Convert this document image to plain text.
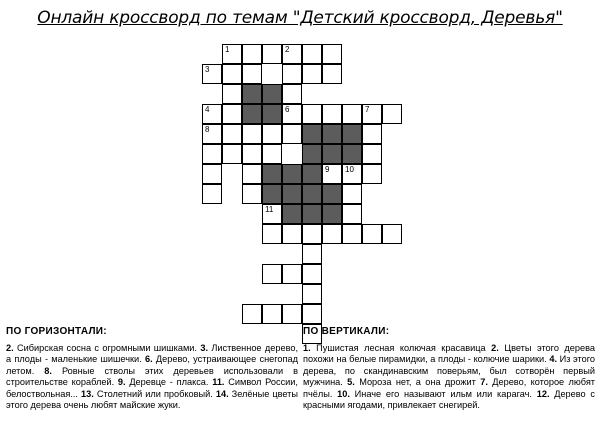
Онлайн кроссворд по темам "Детский кроссворд, Деревья"
1	2
3
4	6	7
8
9 10
11
ПО ГОРИЗОНТАЛИ:

2. Сибирская сосна с огромными шишками. 3. Лиственное дерево, а плоды - маленькие шишечки. 6. Дерево, устраивающее снегопад летом. 8. Ровные стволы этих деревьев использовали в строительстве кораблей. 9. Деревце - плакса. 11. Символ России, белоствольная... 13. Столетний или пробковый. 14. Зелёные цветы этого дерева очень любят майские жуки.

ПО ВЕРТИКАЛИ:

1. Пушистая лесная колючая красавица 2. Цветы этого дерева похожи на белые пирамидки, а плоды - колючие шарики. 4. Из этого дерева, по скандинавским поверьям, был сотворён первый мужчина. 5. Мороза нет, а она дрожит 7. Дерево, которое любят пчёлы. 10. Иначе его называют ильм или карагач. 12. Дерево с красными ягодами, привлекает снегирей.
